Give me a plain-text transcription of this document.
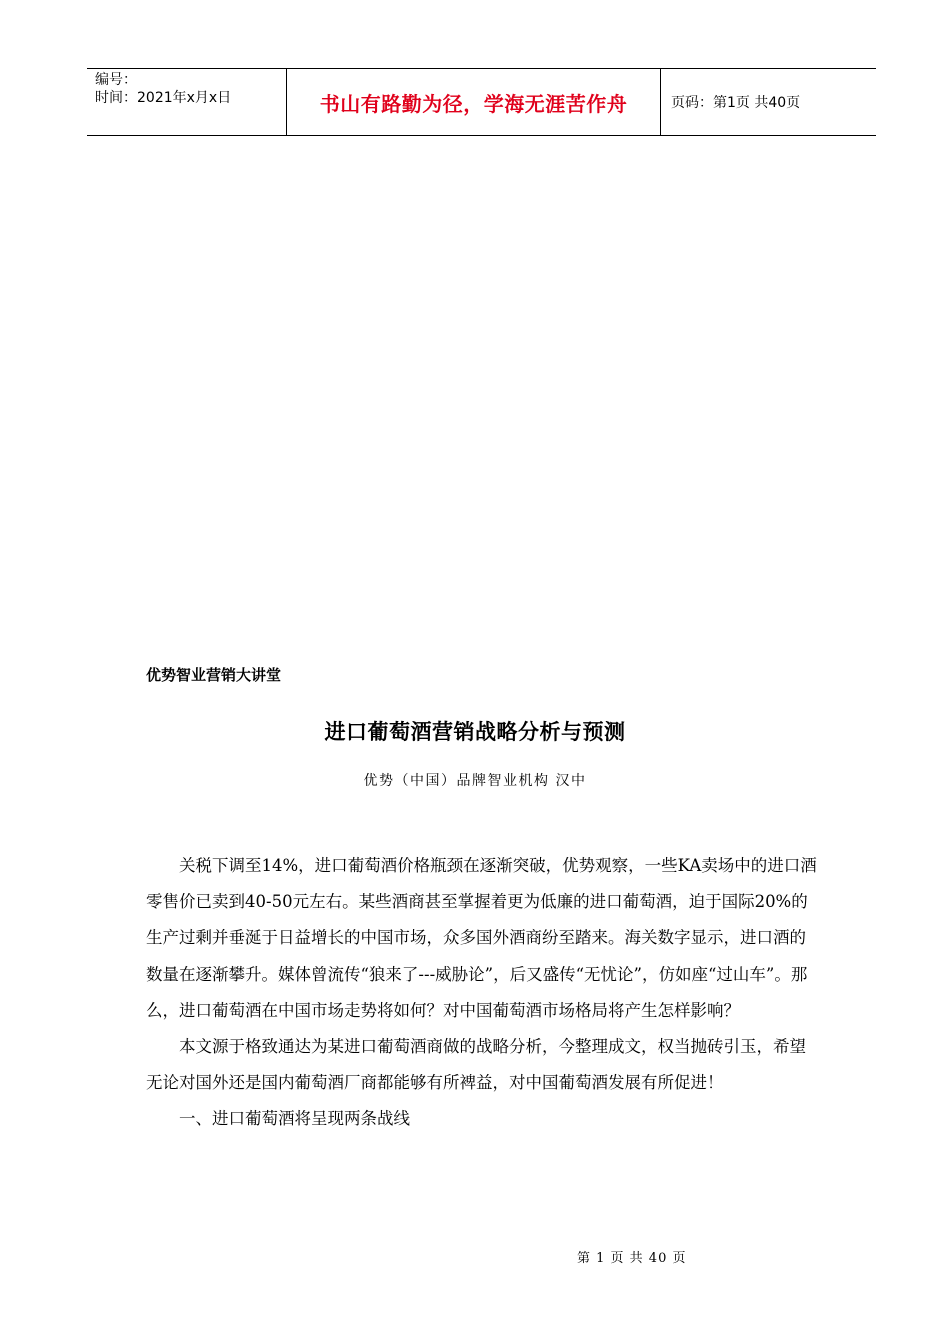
编号：
时间：2021年x月x日	书山有路勤为径，学海无涯苦作舟	页码：第1页 共40页
优势智业营销大讲堂
进口葡萄酒营销战略分析与预测
优势（中国）品牌智业机构 汉中

关税下调至14%，进口葡萄酒价格瓶颈在逐渐突破，优势观察，一些KA卖场中的进口酒零售价已卖到40-50元左右。某些酒商甚至掌握着更为低廉的进口葡萄酒，迫于国际20%的生产过剩并垂涎于日益增长的中国市场，众多国外酒商纷至踏来。海关数字显示，进口酒的数量在逐渐攀升。媒体曾流传“狼来了---威胁论”，后又盛传“无忧论”，仿如座“过山车”。那么，进口葡萄酒在中国市场走势将如何？对中国葡萄酒市场格局将产生怎样影响？

本文源于格致通达为某进口葡萄酒商做的战略分析，今整理成文，权当抛砖引玉，希望无论对国外还是国内葡萄酒厂商都能够有所裨益，对中国葡萄酒发展有所促进！

一、进口葡萄酒将呈现两条战线

第 1 页 共 40 页
